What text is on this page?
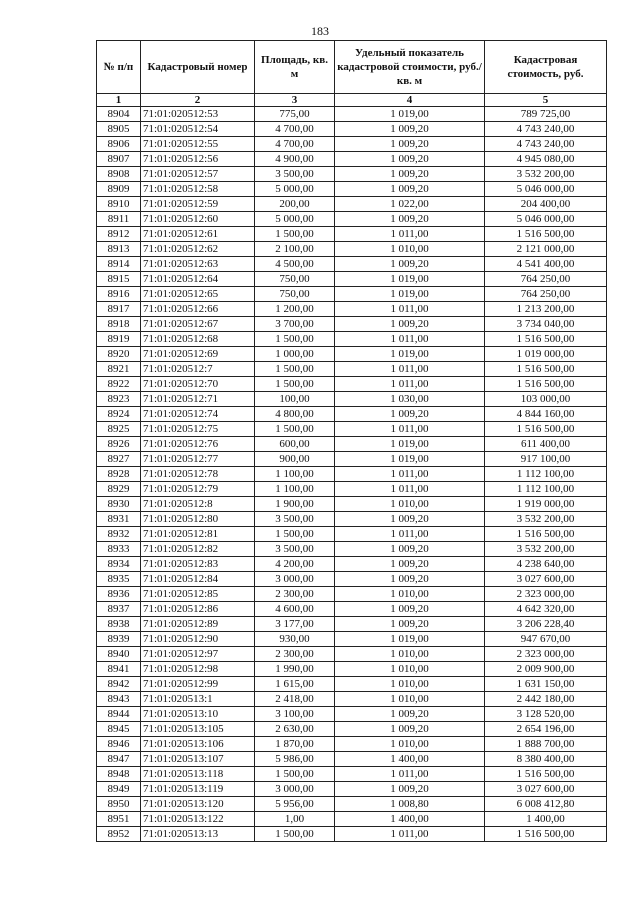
183
№ п/п	Кадастровый номер	Площадь, кв. м	Удельный показатель кадастровой стоимости, руб./кв. м	Кадастровая стоимость, руб.
1	2	3	4	5
8904	71:01:020512:53	775,00	1 019,00	789 725,00
8905	71:01:020512:54	4 700,00	1 009,20	4 743 240,00
8906	71:01:020512:55	4 700,00	1 009,20	4 743 240,00
8907	71:01:020512:56	4 900,00	1 009,20	4 945 080,00
8908	71:01:020512:57	3 500,00	1 009,20	3 532 200,00
8909	71:01:020512:58	5 000,00	1 009,20	5 046 000,00
8910	71:01:020512:59	200,00	1 022,00	204 400,00
8911	71:01:020512:60	5 000,00	1 009,20	5 046 000,00
8912	71:01:020512:61	1 500,00	1 011,00	1 516 500,00
8913	71:01:020512:62	2 100,00	1 010,00	2 121 000,00
8914	71:01:020512:63	4 500,00	1 009,20	4 541 400,00
8915	71:01:020512:64	750,00	1 019,00	764 250,00
8916	71:01:020512:65	750,00	1 019,00	764 250,00
8917	71:01:020512:66	1 200,00	1 011,00	1 213 200,00
8918	71:01:020512:67	3 700,00	1 009,20	3 734 040,00
8919	71:01:020512:68	1 500,00	1 011,00	1 516 500,00
8920	71:01:020512:69	1 000,00	1 019,00	1 019 000,00
8921	71:01:020512:7	1 500,00	1 011,00	1 516 500,00
8922	71:01:020512:70	1 500,00	1 011,00	1 516 500,00
8923	71:01:020512:71	100,00	1 030,00	103 000,00
8924	71:01:020512:74	4 800,00	1 009,20	4 844 160,00
8925	71:01:020512:75	1 500,00	1 011,00	1 516 500,00
8926	71:01:020512:76	600,00	1 019,00	611 400,00
8927	71:01:020512:77	900,00	1 019,00	917 100,00
8928	71:01:020512:78	1 100,00	1 011,00	1 112 100,00
8929	71:01:020512:79	1 100,00	1 011,00	1 112 100,00
8930	71:01:020512:8	1 900,00	1 010,00	1 919 000,00
8931	71:01:020512:80	3 500,00	1 009,20	3 532 200,00
8932	71:01:020512:81	1 500,00	1 011,00	1 516 500,00
8933	71:01:020512:82	3 500,00	1 009,20	3 532 200,00
8934	71:01:020512:83	4 200,00	1 009,20	4 238 640,00
8935	71:01:020512:84	3 000,00	1 009,20	3 027 600,00
8936	71:01:020512:85	2 300,00	1 010,00	2 323 000,00
8937	71:01:020512:86	4 600,00	1 009,20	4 642 320,00
8938	71:01:020512:89	3 177,00	1 009,20	3 206 228,40
8939	71:01:020512:90	930,00	1 019,00	947 670,00
8940	71:01:020512:97	2 300,00	1 010,00	2 323 000,00
8941	71:01:020512:98	1 990,00	1 010,00	2 009 900,00
8942	71:01:020512:99	1 615,00	1 010,00	1 631 150,00
8943	71:01:020513:1	2 418,00	1 010,00	2 442 180,00
8944	71:01:020513:10	3 100,00	1 009,20	3 128 520,00
8945	71:01:020513:105	2 630,00	1 009,20	2 654 196,00
8946	71:01:020513:106	1 870,00	1 010,00	1 888 700,00
8947	71:01:020513:107	5 986,00	1 400,00	8 380 400,00
8948	71:01:020513:118	1 500,00	1 011,00	1 516 500,00
8949	71:01:020513:119	3 000,00	1 009,20	3 027 600,00
8950	71:01:020513:120	5 956,00	1 008,80	6 008 412,80
8951	71:01:020513:122	1,00	1 400,00	1 400,00
8952	71:01:020513:13	1 500,00	1 011,00	1 516 500,00
